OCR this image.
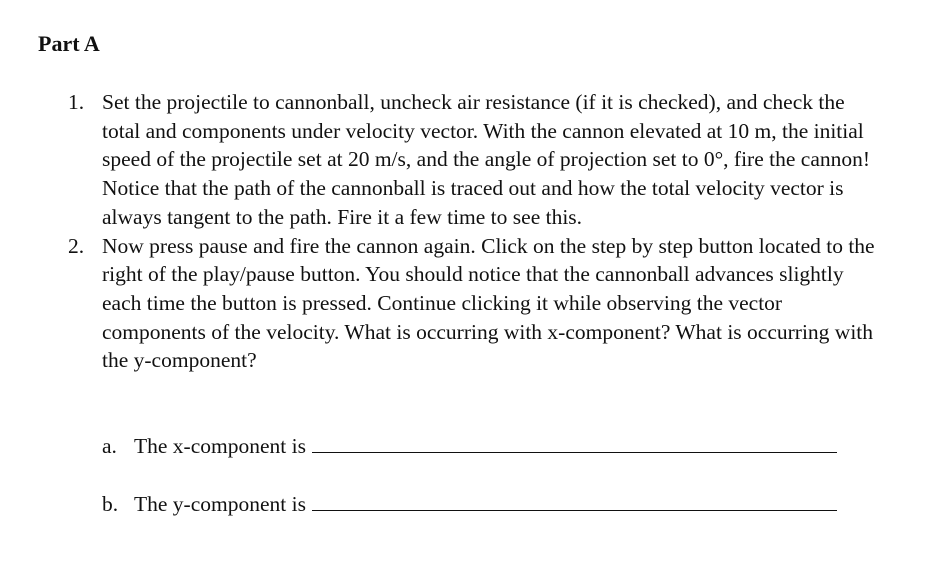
Part A
1. Set the projectile to cannonball, uncheck air resistance (if it is checked), and check the total and components under velocity vector. With the cannon elevated at 10 m, the initial speed of the projectile set at 20 m/s, and the angle of projection set to 0°, fire the cannon! Notice that the path of the cannonball is traced out and how the total velocity vector is always tangent to the path. Fire it a few time to see this.
2. Now press pause and fire the cannon again. Click on the step by step button located to the right of the play/pause button. You should notice that the cannonball advances slightly each time the button is pressed. Continue clicking it while observing the vector components of the velocity. What is occurring with x-component? What is occurring with the y-component?
a. The x-component is
b. The y-component is
